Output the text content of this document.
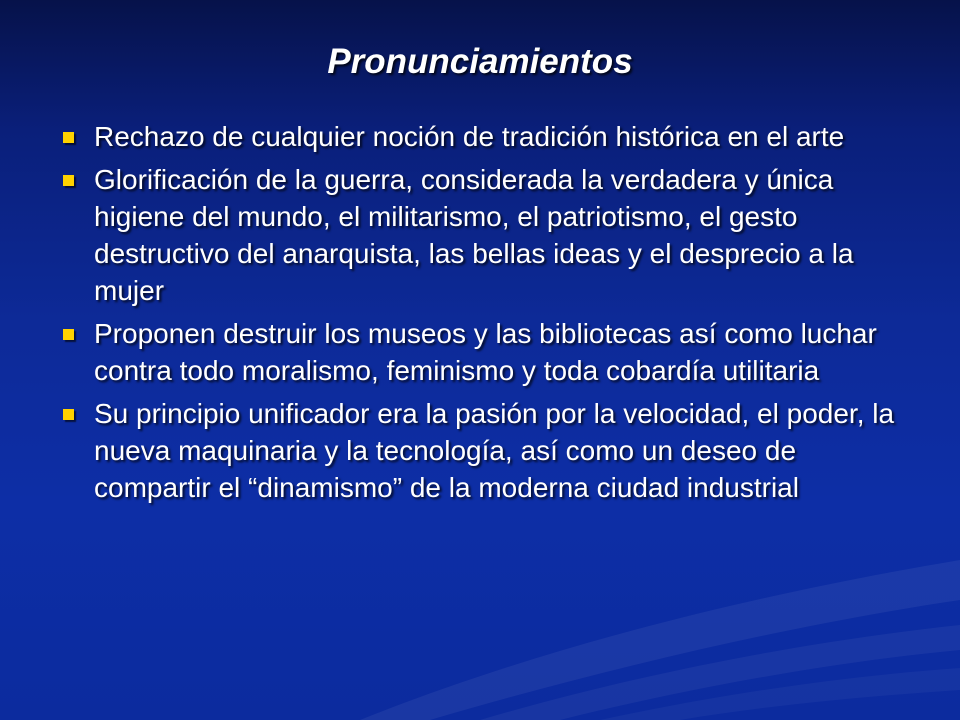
Pronunciamientos
Rechazo de cualquier noción de tradición histórica en el arte
Glorificación de la guerra, considerada la verdadera y única higiene del mundo, el militarismo, el patriotismo, el gesto destructivo del anarquista, las bellas ideas y el desprecio a la mujer
Proponen destruir los museos y las bibliotecas así como luchar contra todo moralismo, feminismo y toda cobardía utilitaria
Su principio unificador era la pasión por la velocidad, el poder, la nueva maquinaria y la tecnología, así como un deseo de compartir el “dinamismo” de la moderna ciudad industrial
